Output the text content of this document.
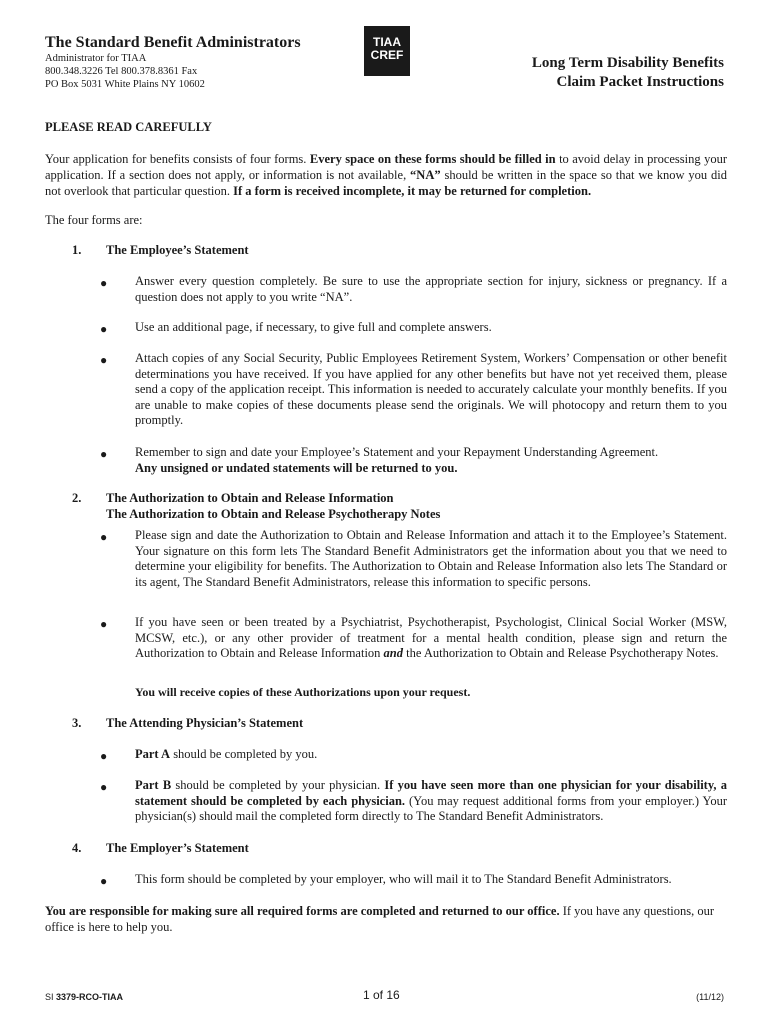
The Standard Benefit Administrators
Administrator for TIAA
800.348.3226 Tel 800.378.8361 Fax
PO Box 5031 White Plains NY 10602
TIAA
CREF	Long Term Disability Benefits
Claim Packet Instructions
PLEASE READ CAREFULLY
Your application for benefits consists of four forms. Every space on these forms should be filled in to avoid delay in processing your application. If a section does not apply, or information is not available, “NA” should be written in the space so that we know you did not overlook that particular question. If a form is received incomplete, it may be returned for completion.
The four forms are:
1. The Employee’s Statement
● Answer every question completely. Be sure to use the appropriate section for injury, sickness or pregnancy. If a question does not apply to you write “NA”.
● Use an additional page, if necessary, to give full and complete answers.
● Attach copies of any Social Security, Public Employees Retirement System, Workers’ Compensation or other benefit determinations you have received. If you have applied for any other benefits but have not yet received them, please send a copy of the application receipt. This information is needed to accurately calculate your monthly benefits. If you are unable to make copies of these documents please send the originals. We will photocopy and return them to you promptly.
● Remember to sign and date your Employee’s Statement and your Repayment Understanding Agreement.
Any unsigned or undated statements will be returned to you.
2. The Authorization to Obtain and Release Information
The Authorization to Obtain and Release Psychotherapy Notes
● Please sign and date the Authorization to Obtain and Release Information and attach it to the Employee’s Statement. Your signature on this form lets The Standard Benefit Administrators get the information about you that we need to determine your eligibility for benefits. The Authorization to Obtain and Release Information also lets The Standard or its agent, The Standard Benefit Administrators, release this information to specific persons.
● If you have seen or been treated by a Psychiatrist, Psychotherapist, Psychologist, Clinical Social Worker (MSW, MCSW, etc.), or any other provider of treatment for a mental health condition, please sign and return the Authorization to Obtain and Release Information and the Authorization to Obtain and Release Psychotherapy Notes.
You will receive copies of these Authorizations upon your request.
3. The Attending Physician’s Statement
● Part A should be completed by you.
● Part B should be completed by your physician. If you have seen more than one physician for your disability, a statement should be completed by each physician. (You may request additional forms from your employer.) Your physician(s) should mail the completed form directly to The Standard Benefit Administrators.
4. The Employer’s Statement
● This form should be completed by your employer, who will mail it to The Standard Benefit Administrators.
You are responsible for making sure all required forms are completed and returned to our office. If you have any questions, our office is here to help you.
SI 3379-RCO-TIAA	1 of 16	(11/12)
